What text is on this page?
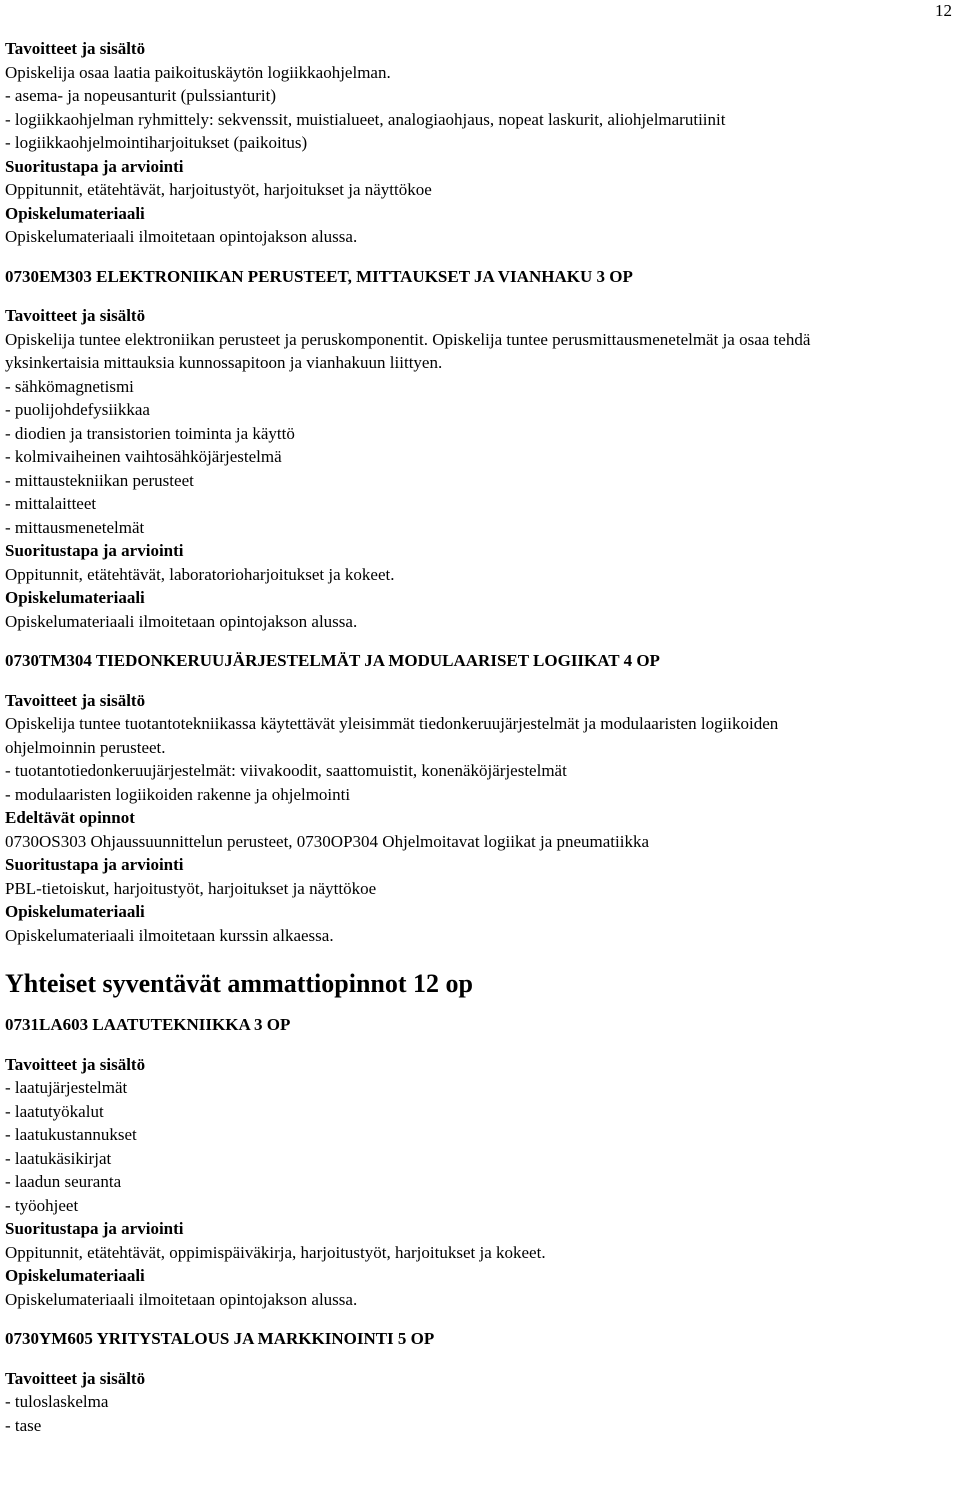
12
Tavoitteet ja sisältö
Opiskelija osaa laatia paikoituskäytön logiikkaohjelman.
- asema- ja nopeusanturit (pulssianturit)
- logiikkaohjelman ryhmittely: sekvenssit, muistialueet, analogiaohjaus, nopeat laskurit, aliohjelmarutiinit
- logiikkaohjelmointiharjoitukset (paikoitus)
Suoritustapa ja arviointi
Oppitunnit, etätehtävät, harjoitustyöt, harjoitukset ja näyttökoe
Opiskelumateriaali
Opiskelumateriaali ilmoitetaan opintojakson alussa.
0730EM303 ELEKTRONIIKAN PERUSTEET, MITTAUKSET JA VIANHAKU 3 OP
Tavoitteet ja sisältö
Opiskelija tuntee elektroniikan perusteet ja peruskomponentit. Opiskelija tuntee perusmittausmenetelmät ja osaa tehdä
yksinkertaisia mittauksia kunnossapitoon ja vianhakuun liittyen.
- sähkömagnetismi
- puolijohdefysiikkaa
- diodien ja transistorien toiminta ja käyttö
- kolmivaiheinen vaihtosähköjärjestelmä
- mittaustekniikan perusteet
- mittalaitteet
- mittausmenetelmät
Suoritustapa ja arviointi
Oppitunnit, etätehtävät, laboratorioharjoitukset ja kokeet.
Opiskelumateriaali
Opiskelumateriaali ilmoitetaan opintojakson alussa.
0730TM304 TIEDONKERUUJÄRJESTELMÄT JA MODULAARISET LOGIIKAT 4 OP
Tavoitteet ja sisältö
Opiskelija tuntee tuotantotekniikassa käytettävät yleisimmät tiedonkeruujärjestelmät ja modulaaristen logiikoiden
ohjelmoinnin perusteet.
- tuotantotiedonkeruujärjestelmät: viivakoodit, saattomuistit, konenäköjärjestelmät
- modulaaristen logiikoiden rakenne ja ohjelmointi
Edeltävät opinnot
0730OS303 Ohjaussuunnittelun perusteet, 0730OP304 Ohjelmoitavat logiikat ja pneumatiikka
Suoritustapa ja arviointi
PBL-tietoiskut, harjoitustyöt, harjoitukset ja näyttökoe
Opiskelumateriaali
Opiskelumateriaali ilmoitetaan kurssin alkaessa.
Yhteiset syventävät ammattiopinnot 12 op
0731LA603 LAATUTEKNIIKKA 3 OP
Tavoitteet ja sisältö
- laatujärjestelmät
- laatutyökalut
- laatukustannukset
- laatukäsikirjat
- laadun seuranta
- työohjeet
Suoritustapa ja arviointi
Oppitunnit, etätehtävät, oppimispäiväkirja, harjoitustyöt, harjoitukset ja kokeet.
Opiskelumateriaali
Opiskelumateriaali ilmoitetaan opintojakson alussa.
0730YM605 YRITYSTALOUS JA MARKKINOINTI 5 OP
Tavoitteet ja sisältö
- tuloslaskelma
- tase
